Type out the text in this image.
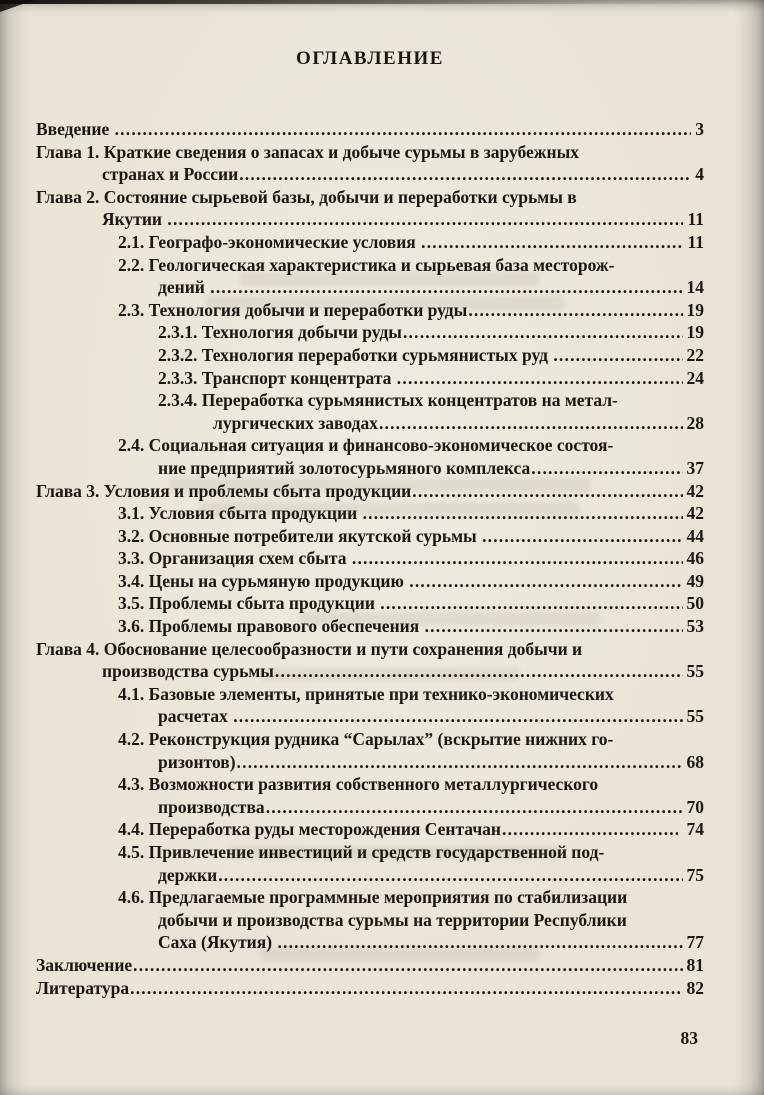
ОГЛАВЛЕНИЕ
Введение .....	3
Глава 1. Краткие сведения о запасах и добыче сурьмы в зарубежных
странах и России .....	4
Глава 2. Состояние сырьевой базы, добычи и переработки сурьмы в
Якутии .....	11
2.1. Географо-экономические условия .....	11
2.2. Геологическая характеристика и сырьевая база месторож-
дений .....	14
2.3. Технология добычи и переработки руды .....	19
2.3.1. Технология добычи руды .....	19
2.3.2. Технология переработки сурьмянистых руд .....	22
2.3.3. Транспорт концентрата .....	24
2.3.4. Переработка сурьмянистых концентратов на метал-
лургических заводах .....	28
2.4. Социальная ситуация и финансово-экономическое состоя-
ние предприятий золотосурьмяного комплекса .....	37
Глава 3. Условия и проблемы сбыта продукции .....	42
3.1. Условия сбыта продукции .....	42
3.2. Основные потребители якутской сурьмы .....	44
3.3. Организация схем сбыта .....	46
3.4. Цены на сурьмяную продукцию .....	49
3.5. Проблемы сбыта продукции .....	50
3.6. Проблемы правового обеспечения .....	53
Глава 4. Обоснование целесообразности и пути сохранения добычи и
производства сурьмы .....	55
4.1. Базовые элементы, принятые при технико-экономических
расчетах .....	55
4.2. Реконструкция рудника “Сарылах” (вскрытие нижних го-
ризонтов) .....	68
4.3. Возможности развития собственного металлургического
производства .....	70
4.4. Переработка руды месторождения Сентачан .....	74
4.5. Привлечение инвестиций и средств государственной под-
держки .....	75
4.6. Предлагаемые программные мероприятия по стабилизации
добычи и производства сурьмы на территории Республики
Саха (Якутия) .....	77
Заключение .....	81
Литература .....	82
83
